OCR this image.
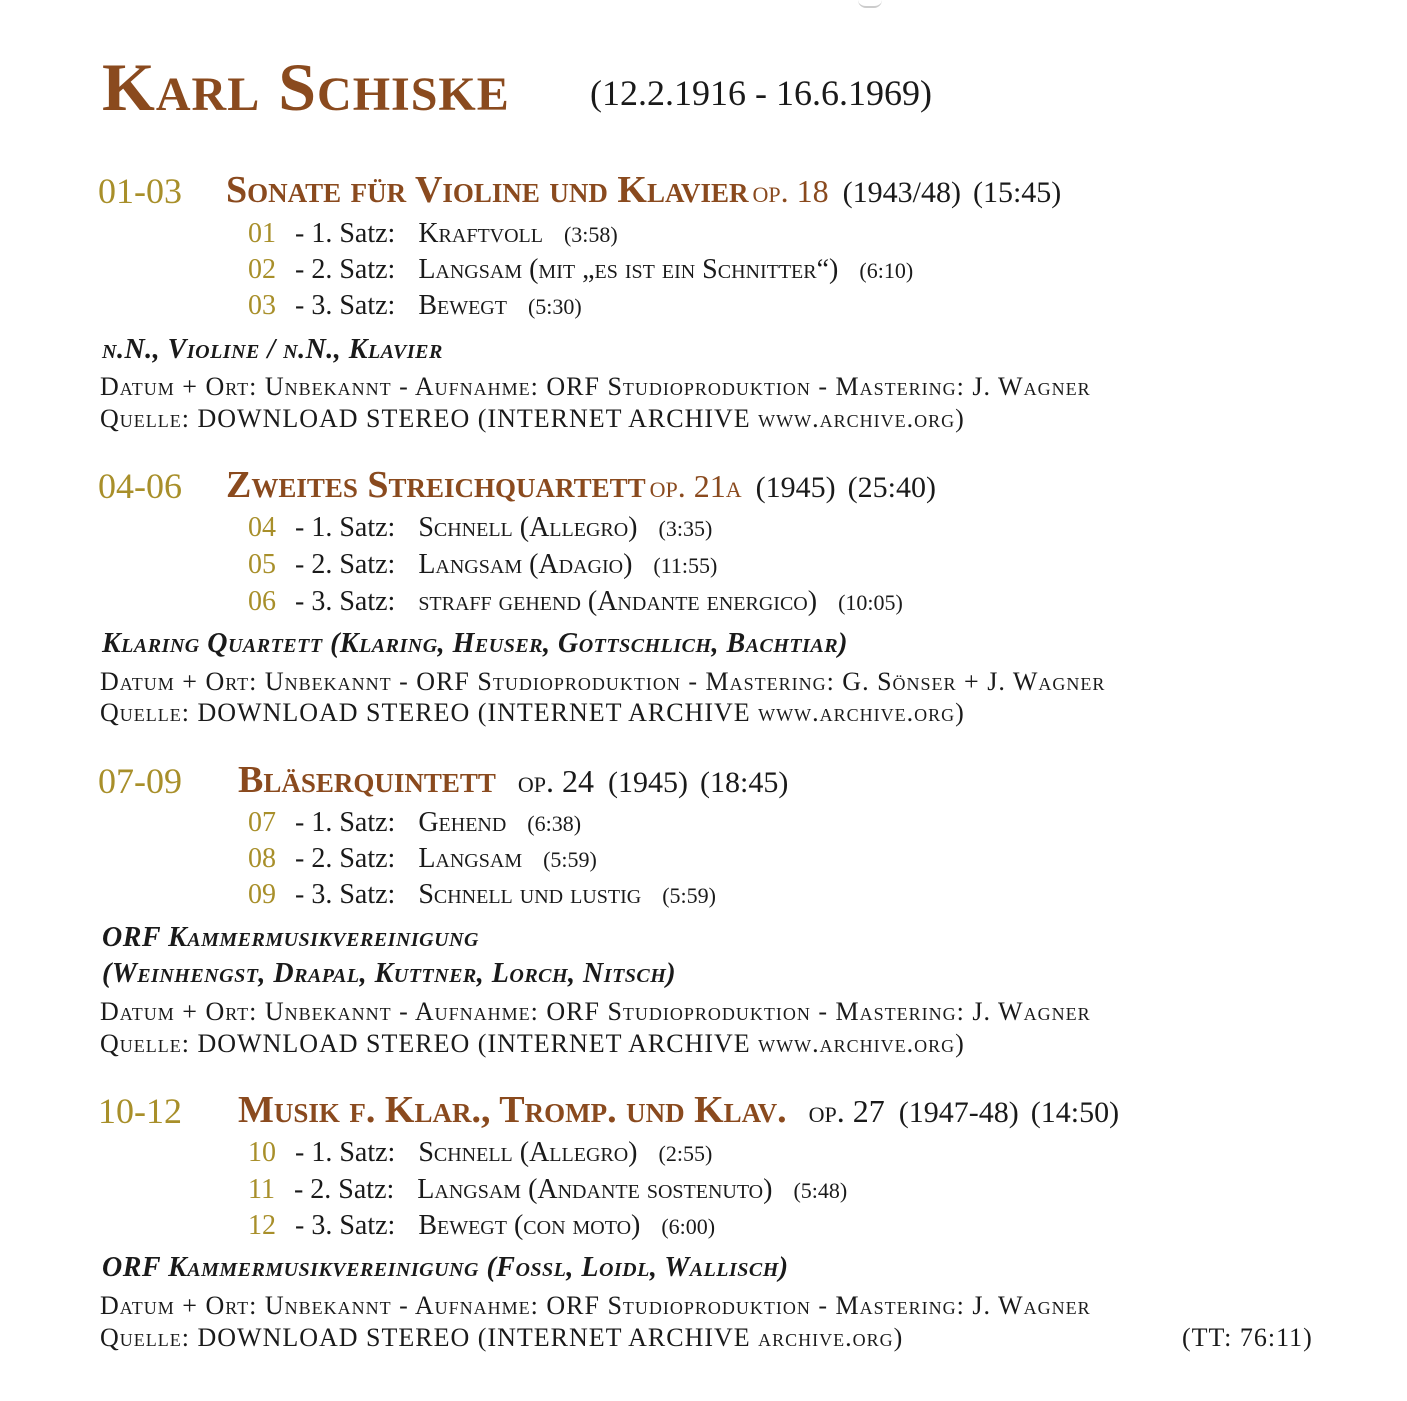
Karl Schiske (12.2.1916 - 16.6.1969)
01-03 Sonate für Violine und Klavier op. 18 (1943/48) (15:45)
01 - 1. Satz: Kraftvoll (3:58)
02 - 2. Satz: Langsam (mit „es ist ein Schnitter“) (6:10)
03 - 3. Satz: Bewegt (5:30)
n.N., Violine / n.N., Klavier
Datum + Ort: Unbekannt - Aufnahme: ORF Studioproduktion - Mastering: J. Wagner
Quelle: DOWNLOAD STEREO (INTERNET ARCHIVE www.archive.org)
04-06 Zweites Streichquartett op. 21a (1945) (25:40)
04 - 1. Satz: Schnell (Allegro) (3:35)
05 - 2. Satz: Langsam (Adagio) (11:55)
06 - 3. Satz: straff gehend (Andante energico) (10:05)
Klaring Quartett (Klaring, Heuser, Gottschlich, Bachtiar)
Datum + Ort: Unbekannt - ORF Studioproduktion - Mastering: G. Sönser + J. Wagner
Quelle: DOWNLOAD STEREO (INTERNET ARCHIVE www.archive.org)
07-09 Bläserquintett op. 24 (1945) (18:45)
07 - 1. Satz: Gehend (6:38)
08 - 2. Satz: Langsam (5:59)
09 - 3. Satz: Schnell und lustig (5:59)
ORF Kammermusikvereinigung
(Weinhengst, Drapal, Kuttner, Lorch, Nitsch)
Datum + Ort: Unbekannt - Aufnahme: ORF Studioproduktion - Mastering: J. Wagner
Quelle: DOWNLOAD STEREO (INTERNET ARCHIVE www.archive.org)
10-12 Musik f. Klar., Tromp. und Klav. op. 27 (1947-48) (14:50)
10 - 1. Satz: Schnell (Allegro) (2:55)
11 - 2. Satz: Langsam (Andante sostenuto) (5:48)
12 - 3. Satz: Bewegt (con moto) (6:00)
ORF Kammermusikvereinigung (Fossl, Loidl, Wallisch)
Datum + Ort: Unbekannt - Aufnahme: ORF Studioproduktion - Mastering: J. Wagner
Quelle: DOWNLOAD STEREO (INTERNET ARCHIVE archive.org)	(TT: 76:11)
